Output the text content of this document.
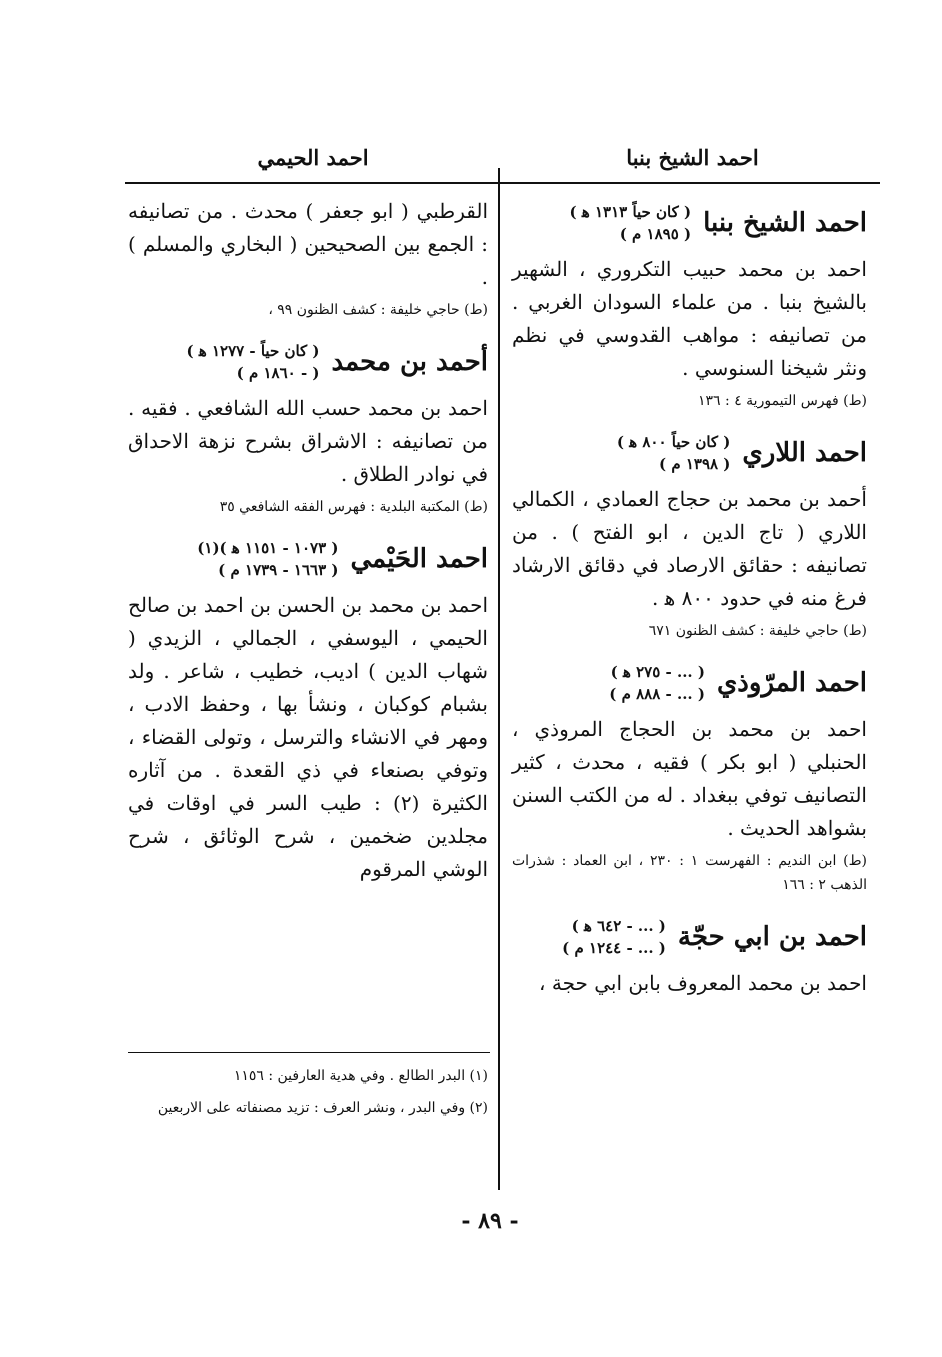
احمد الشيخ بنبا
احمد الحيمي
احمد الشيخ بنبا
( كان حياً ١٣١٣ ﻫ )
( ١٨٩٥ م )

احمد بن محمد حبيب التكروري ، الشهير بالشيخ بنبا . من علماء السودان الغربي . من تصانيفه : مواهب القدوسي في نظم ونثر شيخنا السنوسي .

(ط) فهرس التيمورية ٤ : ١٣٦
احمد اللاري
( كان حياً ٨٠٠ ﻫ )
( ١٣٩٨ م )

أحمد بن محمد بن حجاج العمادي ، الكمالي اللاري ( تاج الدين ، ابو الفتح ) . من تصانيفه : حقائق الارصاد في دقائق الارشاد فرغ منه في حدود ٨٠٠ ﻫ .

(ط) حاجي خليفة : كشف الظنون ٦٧١
احمد المرّوذي
( ... - ٢٧٥ ﻫ )
( ... - ٨٨٨ م )

احمد بن محمد بن الحجاج المروذي ، الحنبلي ( ابو بكر ) فقيه ، محدث ، كثير التصانيف توفي ببغداد . له من الكتب السنن بشواهد الحديث .

(ط) ابن النديم : الفهرست ١ : ٢٣٠ ، ابن العماد : شذرات الذهب ٢ : ١٦٦
احمد بن ابي حجّة
( ... - ٦٤٢ ﻫ )
( ... - ١٢٤٤ م )

احمد بن محمد المعروف بابن ابي حجة ،

القرطبي ( ابو جعفر ) محدث . من تصانيفه : الجمع بين الصحيحين ( البخاري والمسلم ) .

(ط) حاجي خليفة : كشف الظنون ٩٩ ،
أحمد بن محمد
( كان حياً - ١٢٧٧ ﻫ )
( - ١٨٦٠ م )

احمد بن محمد حسب الله الشافعي . فقيه . من تصانيفه : الاشراق بشرح نزهة الاحداق في نوادر الطلاق .

(ط) المكتبة البلدية : فهرس الفقه الشافعي ٣٥
احمد الحَيْمي
( ١٠٧٣ - ١١٥١ ﻫ )(١)
( ١٦٦٣ - ١٧٣٩ م )

احمد بن محمد بن الحسن بن احمد بن صالح الحيمي ، اليوسفي ، الجمالي ، الزيدي ( شهاب الدين ) اديب، خطيب ، شاعر . ولد بشبام كوكبان ، ونشأ بها ، وحفظ الادب ، ومهر في الانشاء والترسل ، وتولى القضاء ، وتوفي بصنعاء في ذي القعدة . من آثاره الكثيرة (٢) : طيب السر في اوقات في مجلدين ضخمين ، شرح الوثائق ، شرح الوشي المرقوم

(١) البدر الطالع . وفي هدية العارفين : ١١٥٦

(٢) وفي البدر ، ونشر العرف : تزيد مصنفاته على الاربعين

- ٨٩ -
